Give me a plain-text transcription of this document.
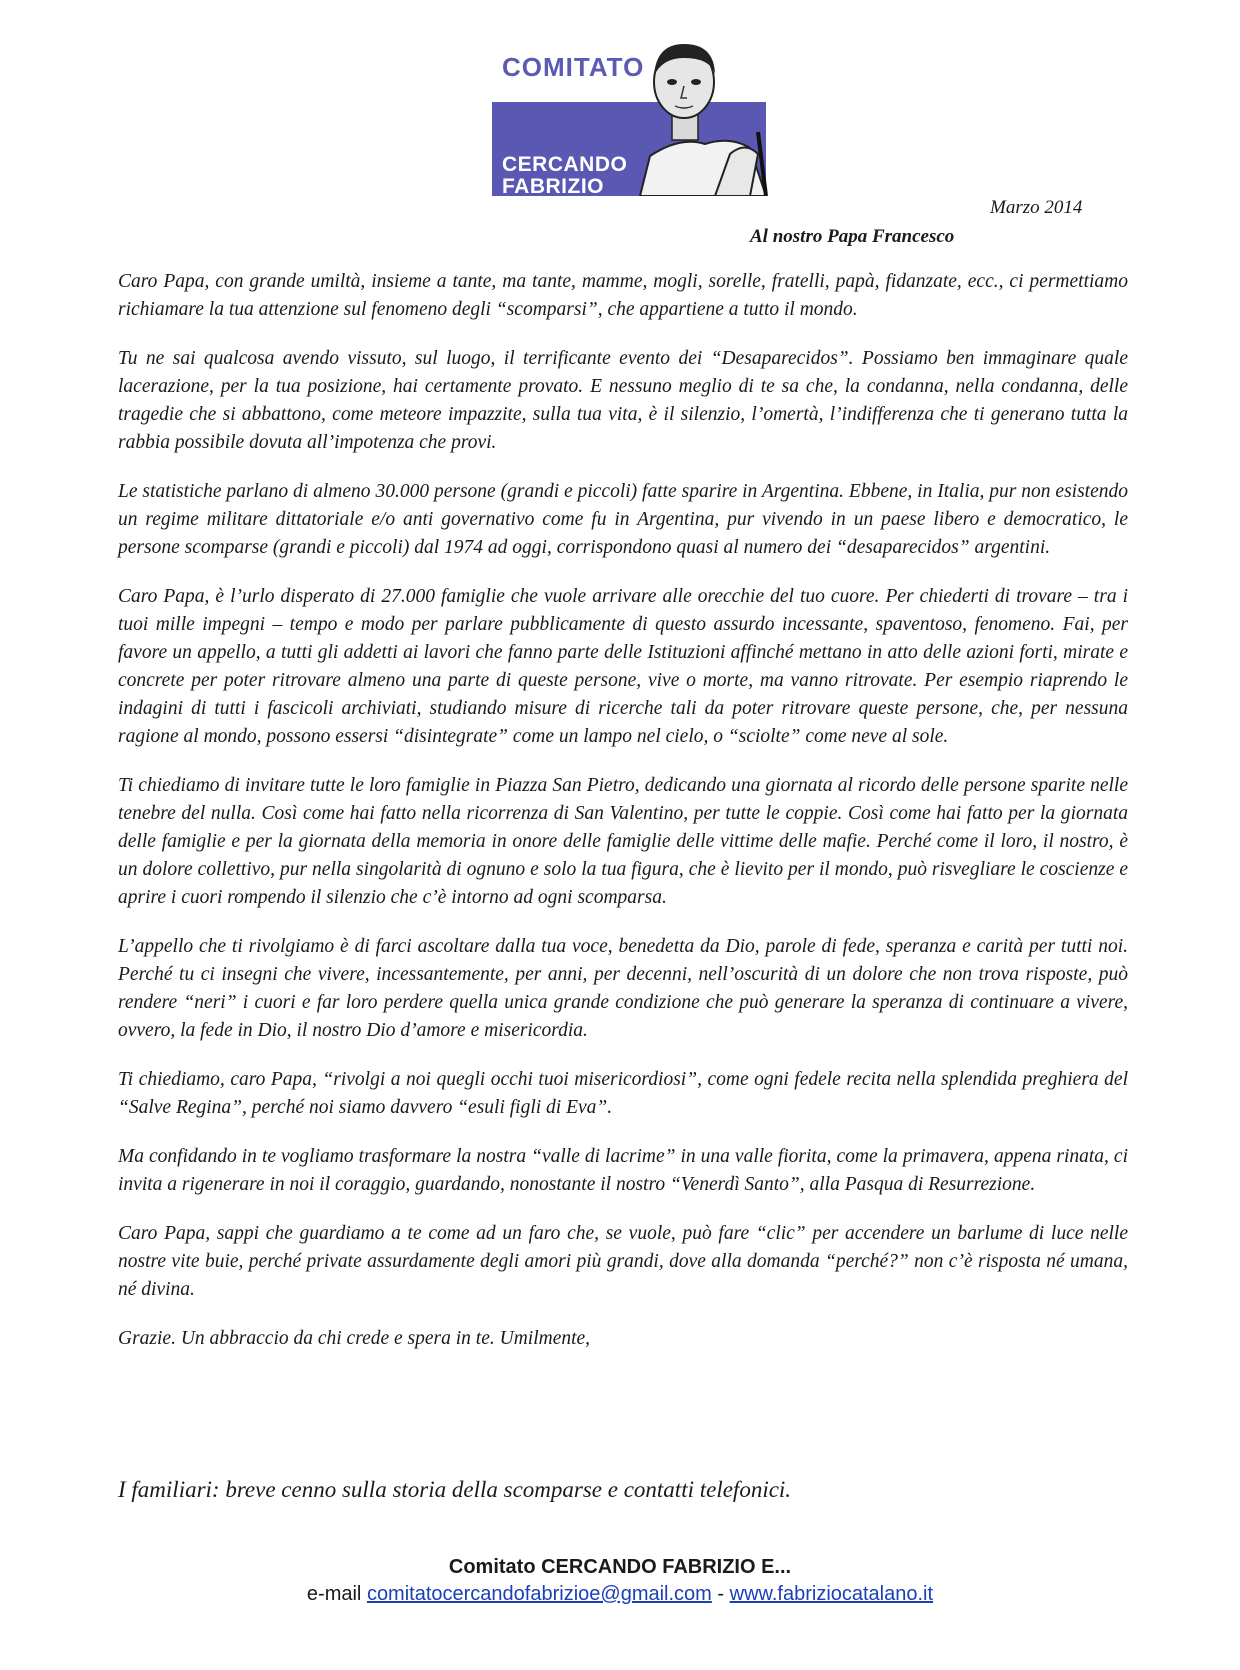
COMITATO
CERCANDO
FABRIZIO
E...	Marzo 2014
Al nostro Papa Francesco

Caro Papa, con grande umiltà, insieme a tante, ma tante, mamme, mogli, sorelle, fratelli, papà, fidanzate, ecc., ci permettiamo richiamare la tua attenzione sul fenomeno degli “scomparsi”, che appartiene a tutto il mondo.

Tu ne sai qualcosa avendo vissuto, sul luogo, il terrificante evento dei “Desaparecidos”. Possiamo ben immaginare quale lacerazione, per la tua posizione, hai certamente provato. E nessuno meglio di te sa che, la condanna, nella condanna, delle tragedie che si abbattono, come meteore impazzite, sulla tua vita, è il silenzio, l’omertà, l’indifferenza che ti generano tutta la rabbia possibile dovuta all’impotenza che provi.

Le statistiche parlano di almeno 30.000 persone (grandi e piccoli) fatte sparire in Argentina. Ebbene, in Italia, pur non esistendo un regime militare dittatoriale e/o anti governativo come fu in Argentina, pur vivendo in un paese libero e democratico, le persone scomparse (grandi e piccoli) dal 1974 ad oggi, corrispondono quasi al numero dei “desaparecidos” argentini.

Caro Papa, è l’urlo disperato di 27.000 famiglie che vuole arrivare alle orecchie del tuo cuore. Per chiederti di trovare – tra i tuoi mille impegni – tempo e modo per parlare pubblicamente di questo assurdo incessante, spaventoso, fenomeno. Fai, per favore un appello, a tutti gli addetti ai lavori che fanno parte delle Istituzioni affinché mettano in atto delle azioni forti, mirate e concrete per poter ritrovare almeno una parte di queste persone, vive o morte, ma vanno ritrovate. Per esempio riaprendo le indagini di tutti i fascicoli archiviati, studiando misure di ricerche tali da poter ritrovare queste persone, che, per nessuna ragione al mondo, possono essersi “disintegrate” come un lampo nel cielo, o “sciolte” come neve al sole.

Ti chiediamo di invitare tutte le loro famiglie in Piazza San Pietro, dedicando una giornata al ricordo delle persone sparite nelle tenebre del nulla. Così come hai fatto nella ricorrenza di San Valentino, per tutte le coppie. Così come hai fatto per la giornata delle famiglie e per la giornata della memoria in onore delle famiglie delle vittime delle mafie. Perché come il loro, il nostro, è un dolore collettivo, pur nella singolarità di ognuno e solo la tua figura, che è lievito per il mondo, può risvegliare le coscienze e aprire i cuori rompendo il silenzio che c’è intorno ad ogni scomparsa.

L’appello che ti rivolgiamo è di farci ascoltare dalla tua voce, benedetta da Dio, parole di fede, speranza e carità per tutti noi. Perché tu ci insegni che vivere, incessantemente, per anni, per decenni, nell’oscurità di un dolore che non trova risposte, può rendere “neri” i cuori e far loro perdere quella unica grande condizione che può generare la speranza di continuare a vivere, ovvero, la fede in Dio, il nostro Dio d’amore e misericordia.

Ti chiediamo, caro Papa, “rivolgi a noi quegli occhi tuoi misericordiosi”, come ogni fedele recita nella splendida preghiera del “Salve Regina”, perché noi siamo davvero “esuli figli di Eva”.

Ma confidando in te vogliamo trasformare la nostra “valle di lacrime” in una valle fiorita, come la primavera, appena rinata, ci invita a rigenerare in noi il coraggio, guardando, nonostante il nostro “Venerdì Santo”, alla Pasqua di Resurrezione.

Caro Papa, sappi che guardiamo a te come ad un faro che, se vuole, può fare “clic” per accendere un barlume di luce nelle nostre vite buie, perché private assurdamente degli amori più grandi, dove alla domanda “perché?” non c’è risposta né umana, né divina.

Grazie. Un abbraccio da chi crede e spera in te. Umilmente,

I familiari: breve cenno sulla storia della scomparse e contatti telefonici.
Comitato CERCANDO FABRIZIO E...
e-mail comitatocercandofabrizioe@gmail.com - www.fabriziocatalano.it
